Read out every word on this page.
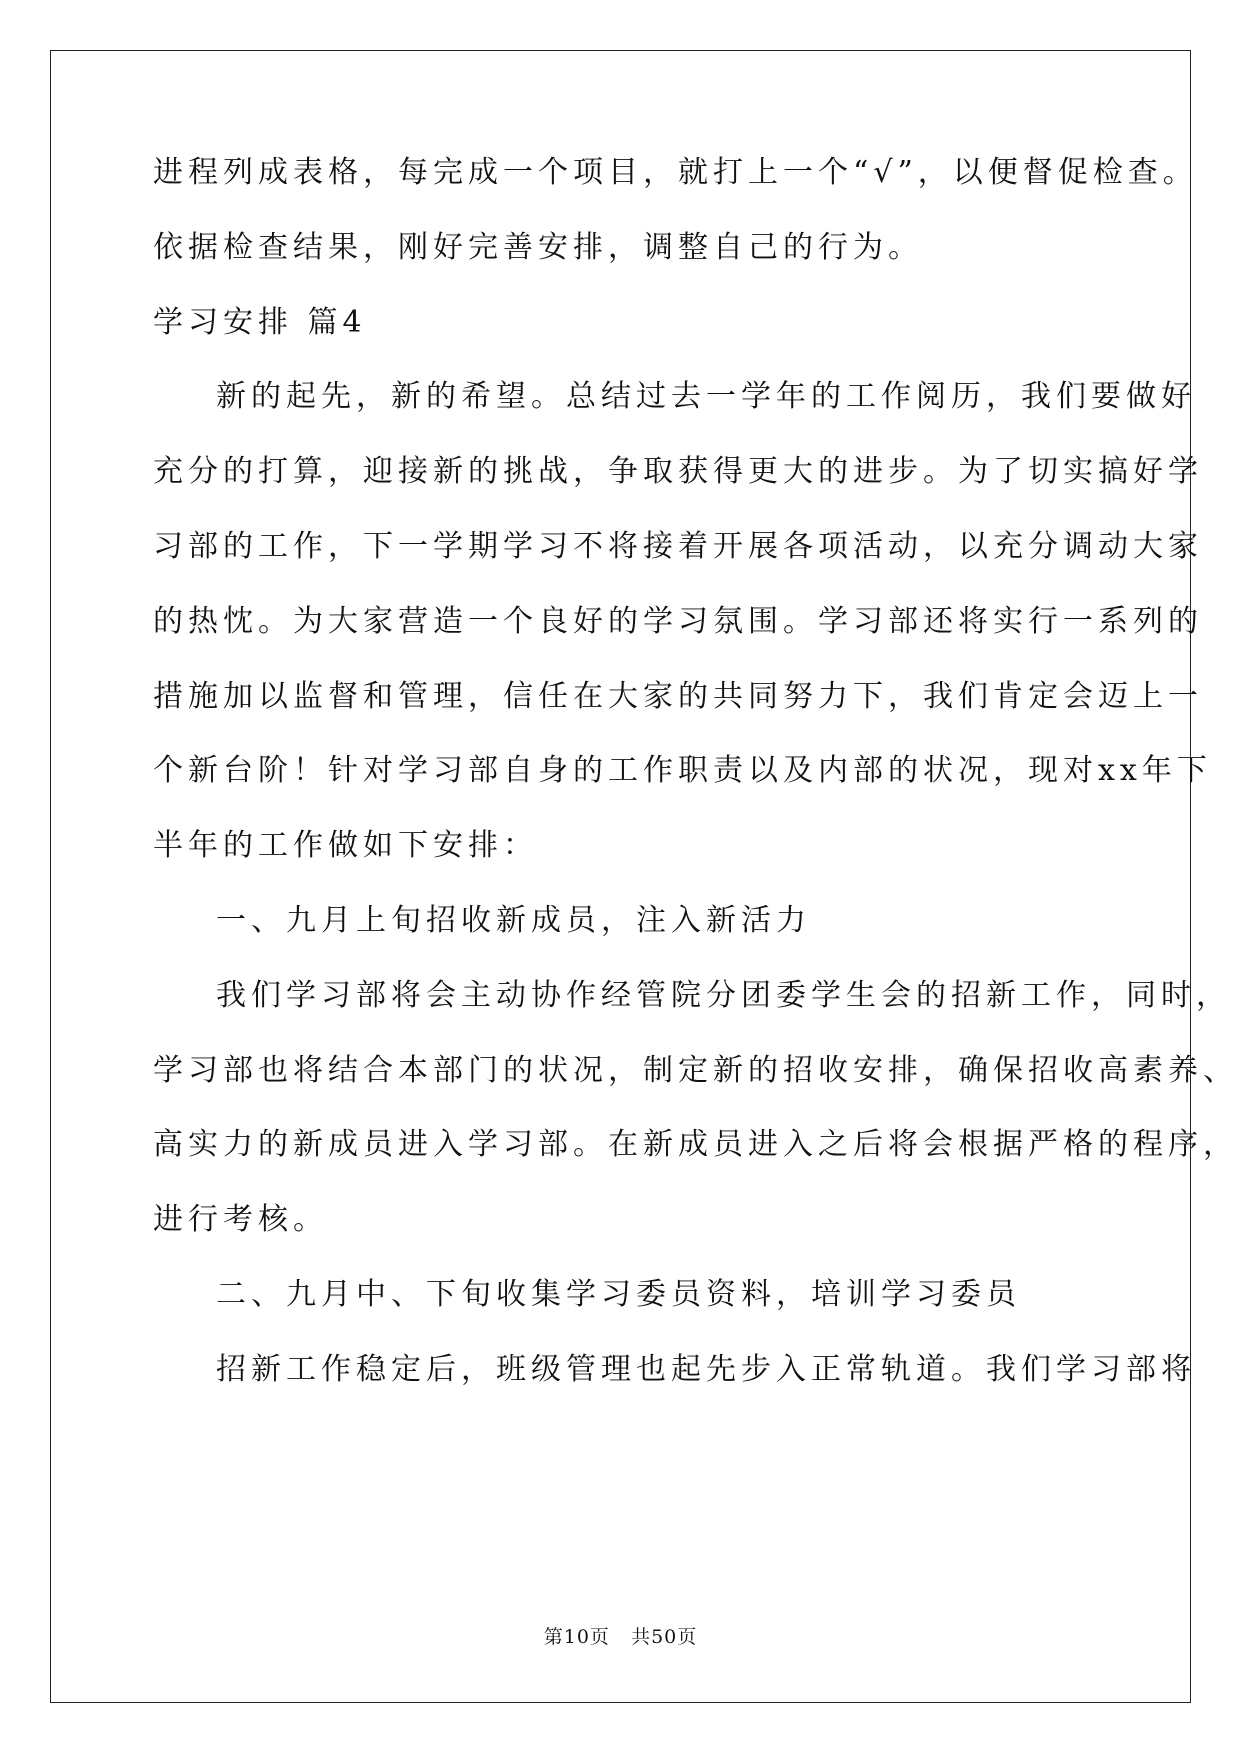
进程列成表格，每完成一个项目，就打上一个“√”，以便督促检查。
依据检查结果，刚好完善安排，调整自己的行为。
学习安排 篇4
新的起先，新的希望。总结过去一学年的工作阅历，我们要做好
充分的打算，迎接新的挑战，争取获得更大的进步。为了切实搞好学
习部的工作，下一学期学习不将接着开展各项活动，以充分调动大家
的热忱。为大家营造一个良好的学习氛围。学习部还将实行一系列的
措施加以监督和管理，信任在大家的共同努力下，我们肯定会迈上一
个新台阶！针对学习部自身的工作职责以及内部的状况，现对xx年下
半年的工作做如下安排：
一、九月上旬招收新成员，注入新活力
我们学习部将会主动协作经管院分团委学生会的招新工作，同时，
学习部也将结合本部门的状况，制定新的招收安排，确保招收高素养、
高实力的新成员进入学习部。在新成员进入之后将会根据严格的程序，
进行考核。
二、九月中、下旬收集学习委员资料，培训学习委员
招新工作稳定后，班级管理也起先步入正常轨道。我们学习部将
第10页 共50页
